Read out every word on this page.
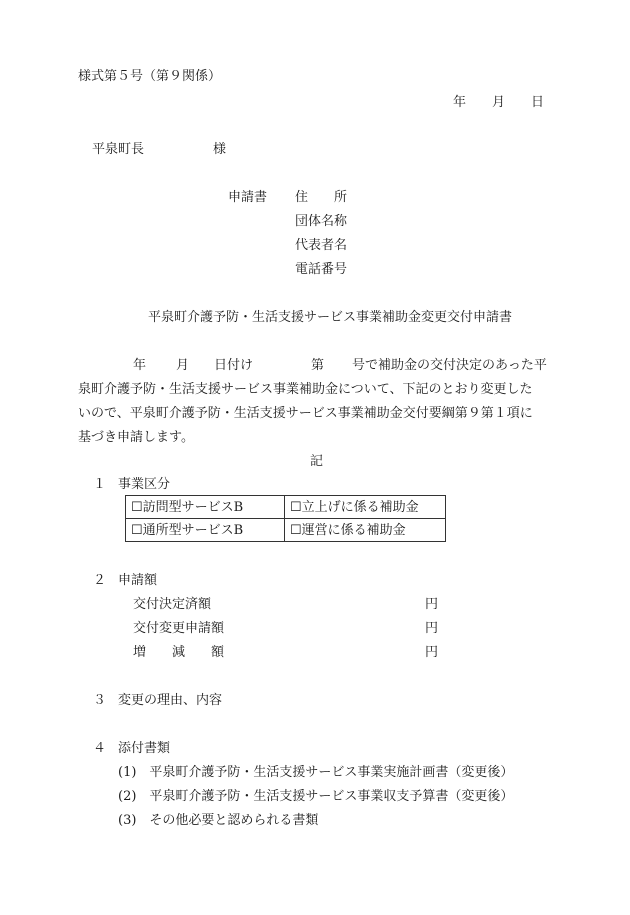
様式第５号（第９関係）
年 月 日
平泉町長	様
申請書 住　　所
団体名称
代表者名
電話番号
平泉町介護予防・生活支援サービス事業補助金変更交付申請書
年 月 日付け	第 号で補助金の交付決定のあった平
泉町介護予防・生活支援サービス事業補助金について、下記のとおり変更した
いので、平泉町介護予防・生活支援サービス事業補助金交付要綱第９第１項に
基づき申請します。
記
１ 事業区分
☐訪問型サービスB	☐立上げに係る補助金
☐通所型サービスB	☐運営に係る補助金
２ 申請額
交付決定済額	円
交付変更申請額	円
増　　減　　額	円
３ 変更の理由、内容
４ 添付書類
(1)　平泉町介護予防・生活支援サービス事業実施計画書（変更後）
(2)　平泉町介護予防・生活支援サービス事業収支予算書（変更後）
(3)　その他必要と認められる書類
